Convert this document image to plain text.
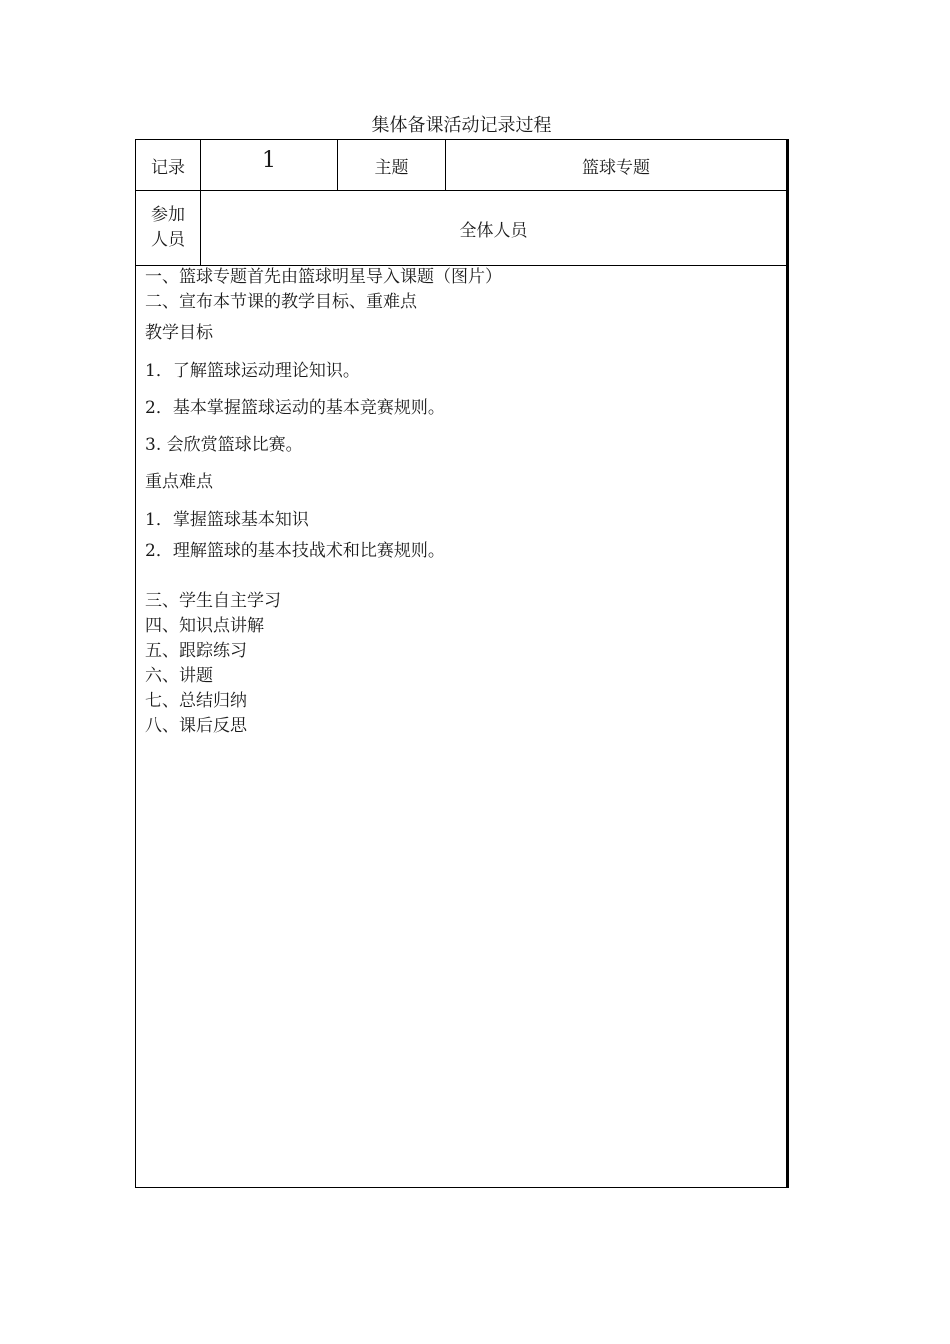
集体备课活动记录过程
记录	1	主题	篮球专题
参加
人员	全体人员
一、篮球专题首先由篮球明星导入课题（图片）
二、宣布本节课的教学目标、重难点
教学目标
1．了解篮球运动理论知识。
2．基本掌握篮球运动的基本竞赛规则。
3. 会欣赏篮球比赛。
重点难点
1．掌握篮球基本知识
2．理解篮球的基本技战术和比赛规则。
三、学生自主学习
四、知识点讲解
五、跟踪练习
六、讲题
七、总结归纳
八、课后反思
